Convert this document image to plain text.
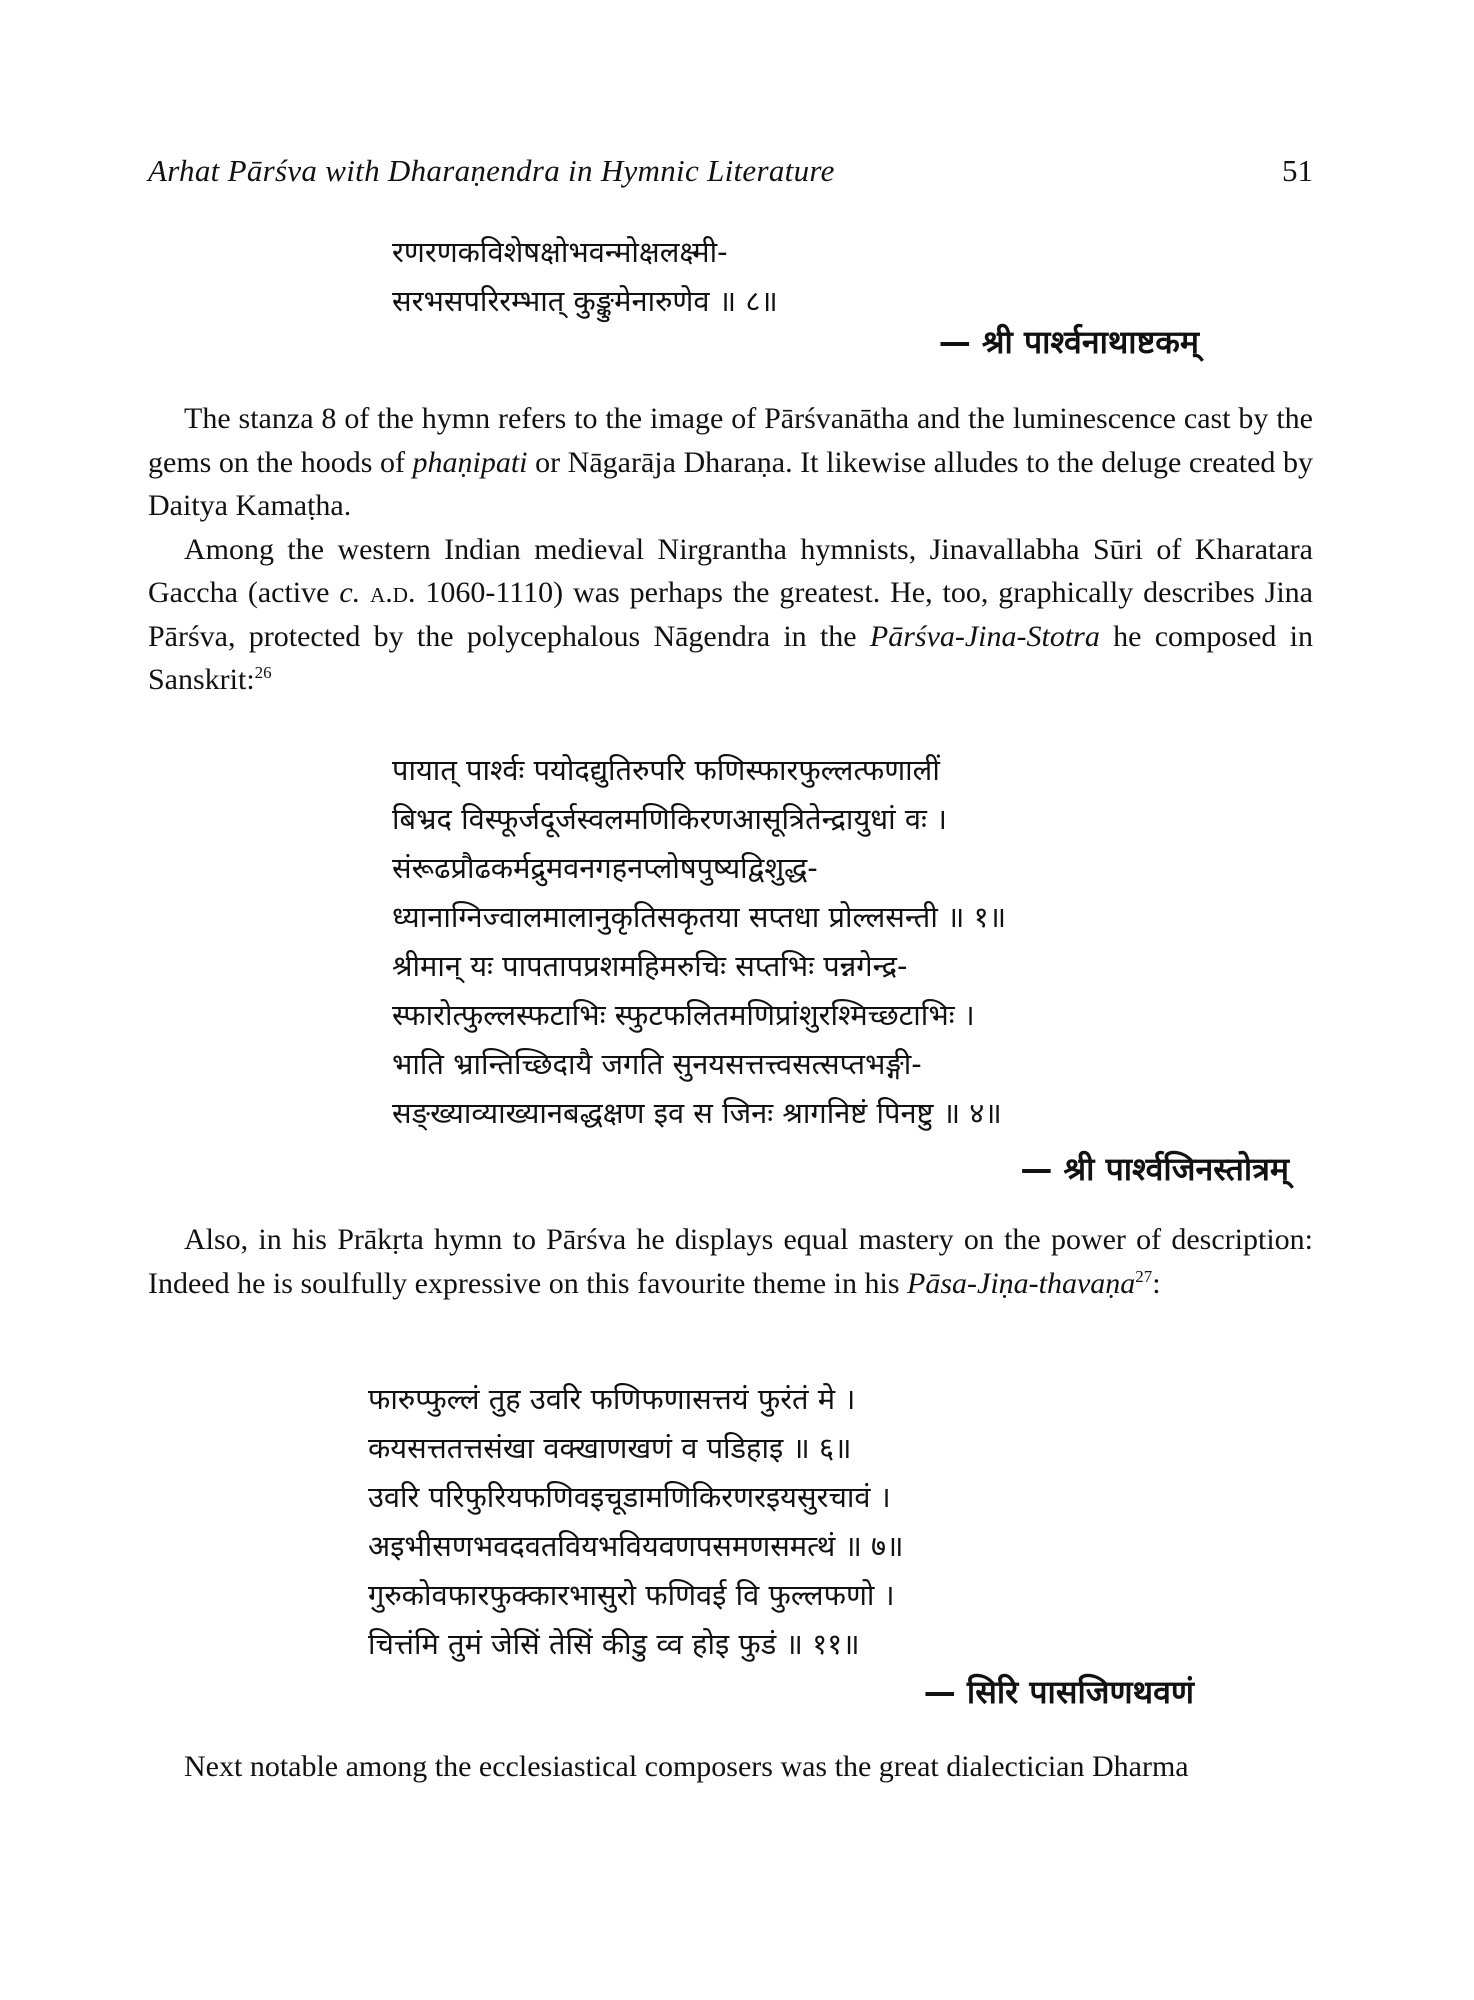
Arhat Pārśva with Dharaṇendra in Hymnic Literature	51
रणरणकविशेषक्षोभवन्मोक्षलक्ष्मी-
सरभसपरिरम्भात् कुङ्कुमेनारुणेव ॥ ८॥
— श्री पार्श्वनाथाष्टकम्

The stanza 8 of the hymn refers to the image of Pārśvanātha and the luminescence cast by the gems on the hoods of phaṇipati or Nāgarāja Dharaṇa. It likewise alludes to the deluge created by Daitya Kamaṭha.

Among the western Indian medieval Nirgrantha hymnists, Jinavallabha Sūri of Kharatara Gaccha (active c. a.d. 1060-1110) was perhaps the greatest. He, too, graphically describes Jina Pārśva, protected by the polycephalous Nāgendra in the Pārśva-Jina-Stotra he composed in Sanskrit:$^{26}$

पायात् पार्श्वः पयोदद्युतिरुपरि फणिस्फारफुल्लत्फणालीं
बिभ्रद विस्फूर्जदूर्जस्वलमणिकिरणआसूत्रितेन्द्रायुधां वः ।
संरूढप्रौढकर्मद्रुमवनगहनप्लोषपुष्यद्विशुद्ध-
ध्यानाग्निज्वालमालानुकृतिसकृतया सप्तधा प्रोल्लसन्ती ॥ १॥
श्रीमान् यः पापतापप्रशमहिमरुचिः सप्तभिः पन्नगेन्द्र-
स्फारोत्फुल्लस्फटाभिः स्फुटफलितमणिप्रांशुरश्मिच्छटाभिः ।
भाति भ्रान्तिच्छिदायै जगति सुनयसत्तत्त्वसत्सप्तभङ्गी-
सङ्ख्याव्याख्यानबद्धक्षण इव स जिनः श्रागनिष्टं पिनष्टु ॥ ४॥
— श्री पार्श्वजिनस्तोत्रम्

Also, in his Prākṛta hymn to Pārśva he displays equal mastery on the power of description: Indeed he is soulfully expressive on this favourite theme in his Pāsa-Jiṇa-thavaṇa$^{27}$:

फारुप्फुल्लं तुह उवरि फणिफणासत्तयं फुरंतं मे ।
कयसत्ततत्तसंखा वक्खाणखणं व पडिहाइ ॥ ६॥
उवरि परिफुरियफणिवइचूडामणिकिरणरइयसुरचावं ।
अइभीसणभवदवतवियभवियवणपसमणसमत्थं ॥ ७॥
गुरुकोवफारफुक्कारभासुरो फणिवई वि फुल्लफणो ।
चित्तंमि तुमं जेसिं तेसिं कीडु व्व होइ फुडं ॥ ११॥
— सिरि पासजिणथवणं

Next notable among the ecclesiastical composers was the great dialectician Dharma
